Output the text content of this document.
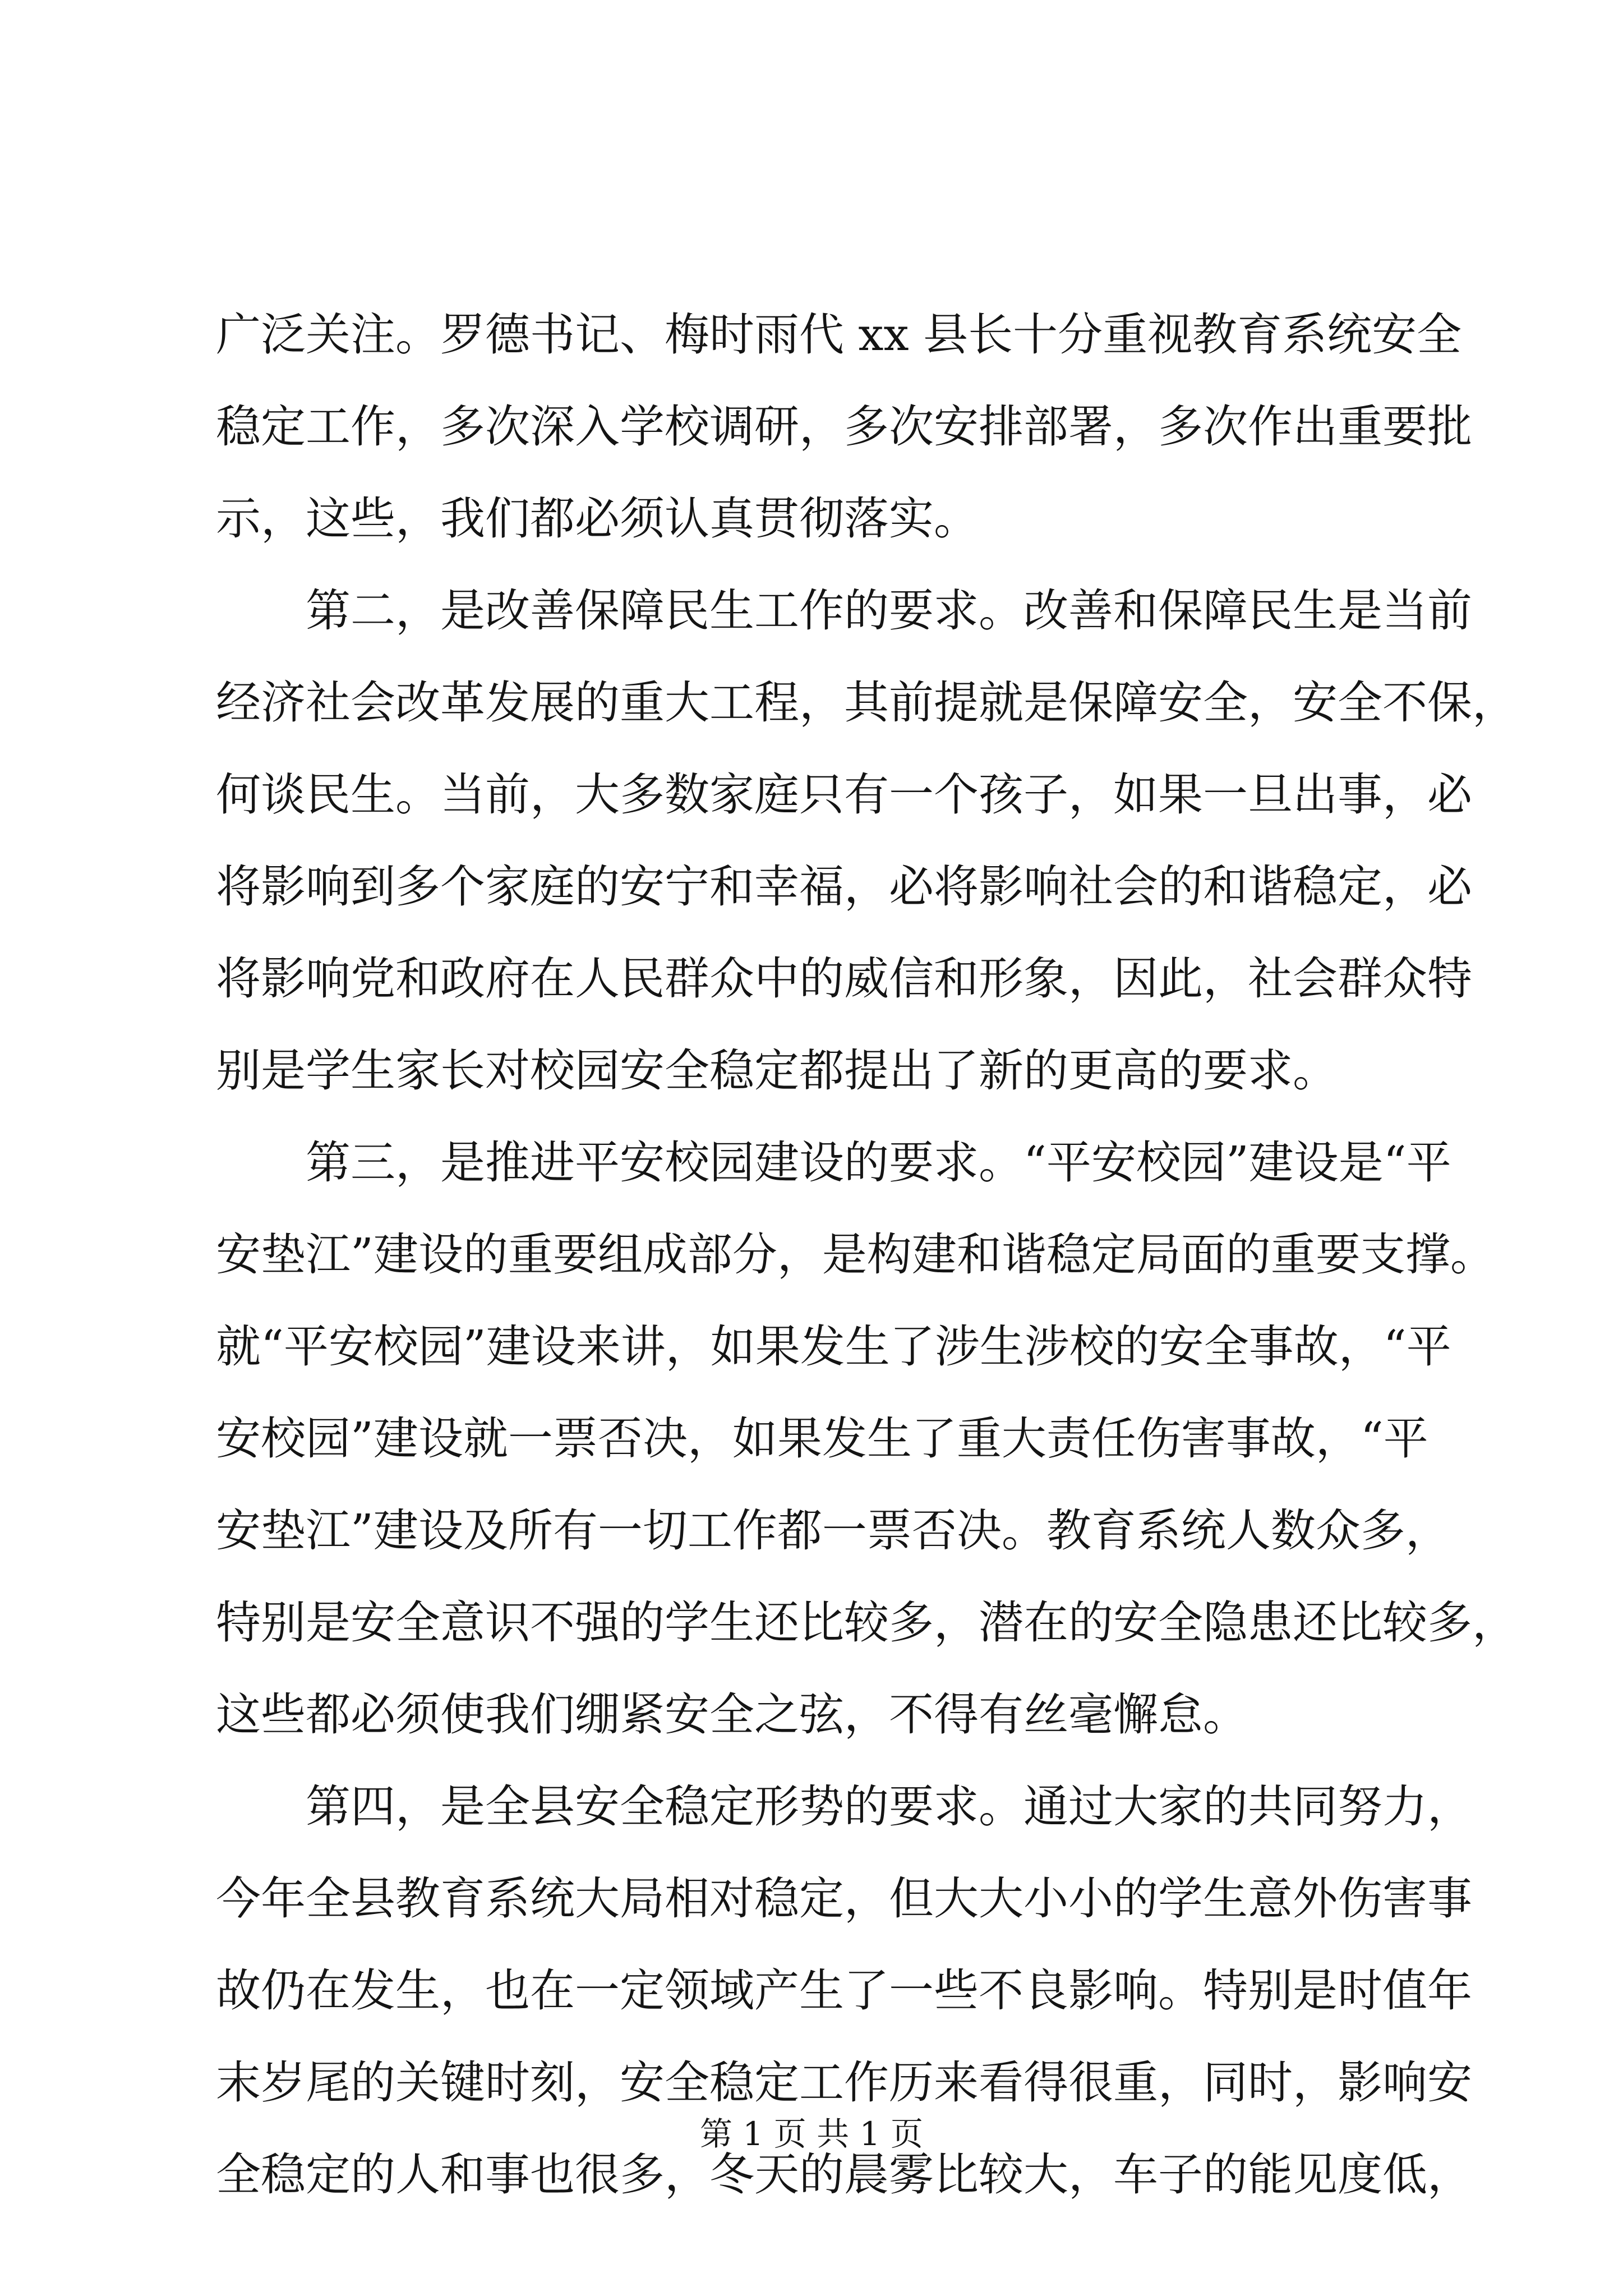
广泛关注。罗德书记、梅时雨代 xx 县长十分重视教育系统安全
稳定工作，多次深入学校调研，多次安排部署，多次作出重要批
示，这些，我们都必须认真贯彻落实。
第二，是改善保障民生工作的要求。改善和保障民生是当前
经济社会改革发展的重大工程，其前提就是保障安全，安全不保，
何谈民生。当前，大多数家庭只有一个孩子，如果一旦出事，必
将影响到多个家庭的安宁和幸福，必将影响社会的和谐稳定，必
将影响党和政府在人民群众中的威信和形象，因此，社会群众特
别是学生家长对校园安全稳定都提出了新的更高的要求。
第三，是推进平安校园建设的要求。“平安校园”建设是“平
安垫江”建设的重要组成部分，是构建和谐稳定局面的重要支撑。
就“平安校园”建设来讲，如果发生了涉生涉校的安全事故，“平
安校园”建设就一票否决，如果发生了重大责任伤害事故，“平
安垫江”建设及所有一切工作都一票否决。教育系统人数众多，
特别是安全意识不强的学生还比较多，潜在的安全隐患还比较多，
这些都必须使我们绷紧安全之弦，不得有丝毫懈怠。
第四，是全县安全稳定形势的要求。通过大家的共同努力，
今年全县教育系统大局相对稳定，但大大小小的学生意外伤害事
故仍在发生，也在一定领域产生了一些不良影响。特别是时值年
末岁尾的关键时刻，安全稳定工作历来看得很重，同时，影响安
全稳定的人和事也很多，冬天的晨雾比较大，车子的能见度低，
第 1 页 共 1 页
